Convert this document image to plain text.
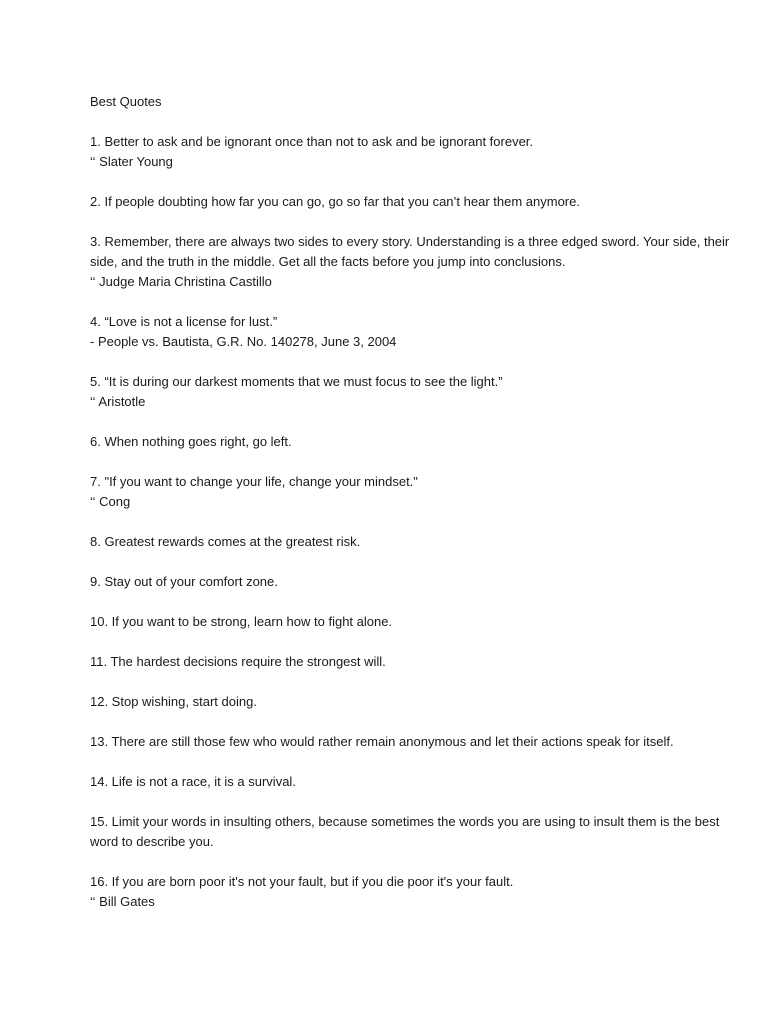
Best Quotes
1. Better to ask and be ignorant once than not to ask and be ignorant forever.
‘‘ Slater Young
2. If people doubting how far you can go, go so far that you can’t hear them anymore.
3. Remember, there are always two sides to every story. Understanding is a three edged sword. Your side, their side, and the truth in the middle. Get all the facts before you jump into conclusions.
‘‘ Judge Maria Christina Castillo
4. “Love is not a license for lust.”
- People vs. Bautista, G.R. No. 140278, June 3, 2004
5. “It is during our darkest moments that we must focus to see the light.”
‘‘ Aristotle
6. When nothing goes right, go left.
7. "If you want to change your life, change your mindset."
‘‘ Cong
8. Greatest rewards comes at the greatest risk.
9. Stay out of your comfort zone.
10. If you want to be strong, learn how to fight alone.
11. The hardest decisions require the strongest will.
12. Stop wishing, start doing.
13. There are still those few who would rather remain anonymous and let their actions speak for itself.
14. Life is not a race, it is a survival.
15. Limit your words in insulting others, because sometimes the words you are using to insult them is the best word to describe you.
16. If you are born poor it's not your fault, but if you die poor it's your fault.
‘‘ Bill Gates
